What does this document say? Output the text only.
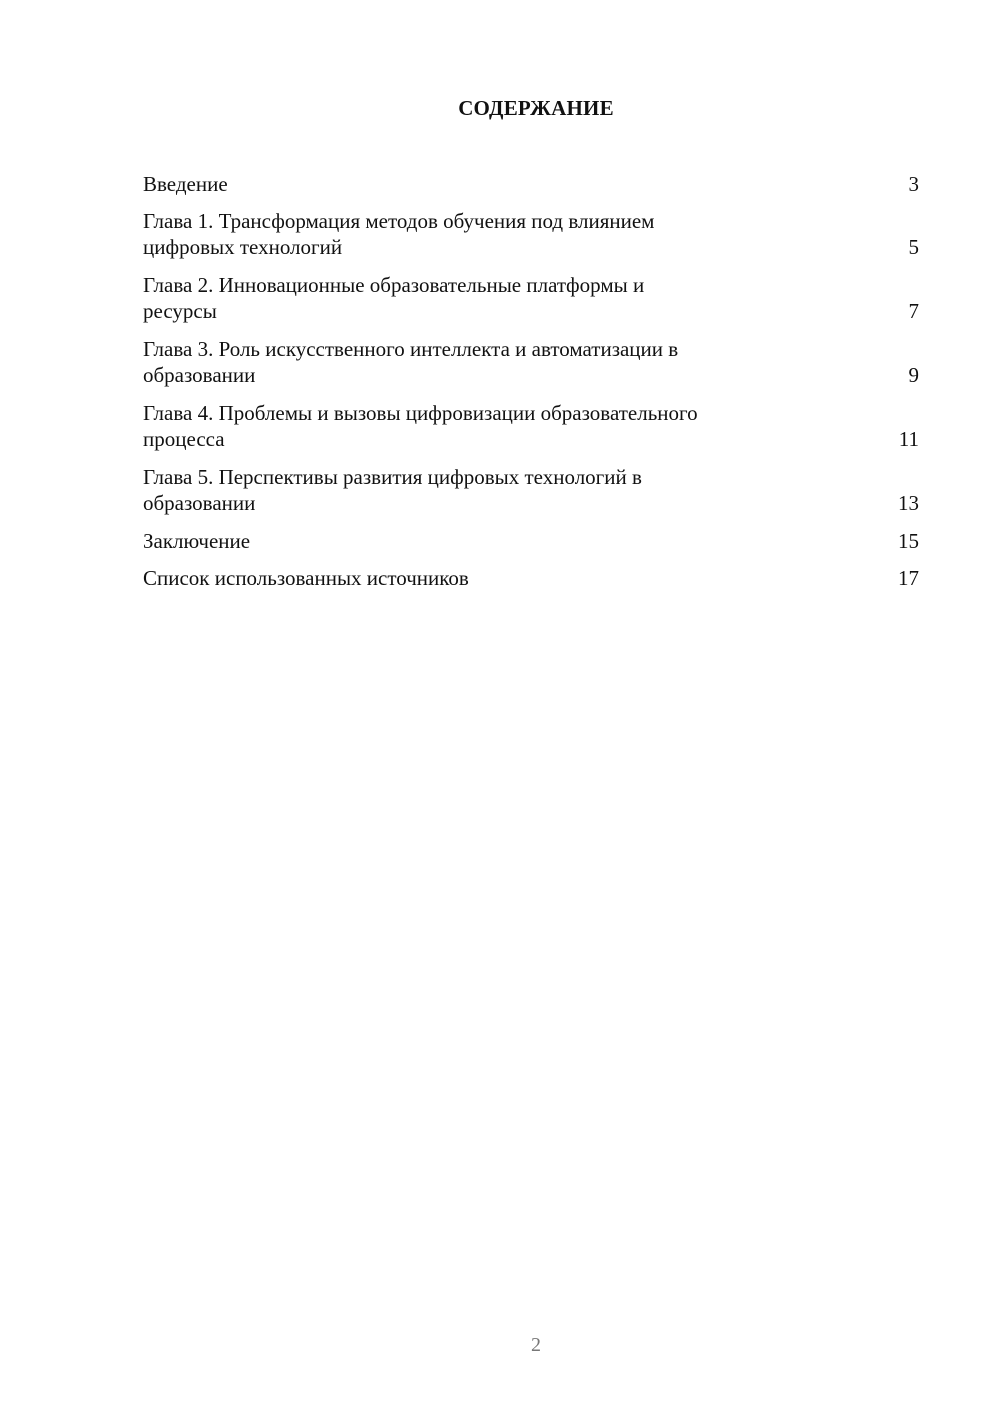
СОДЕРЖАНИЕ
Введение	3
Глава 1. Трансформация методов обучения под влиянием
цифровых технологий	5
Глава 2. Инновационные образовательные платформы и
ресурсы	7
Глава 3. Роль искусственного интеллекта и автоматизации в
образовании	9
Глава 4. Проблемы и вызовы цифровизации образовательного
процесса	11
Глава 5. Перспективы развития цифровых технологий в
образовании	13
Заключение	15
Список использованных источников	17
2
